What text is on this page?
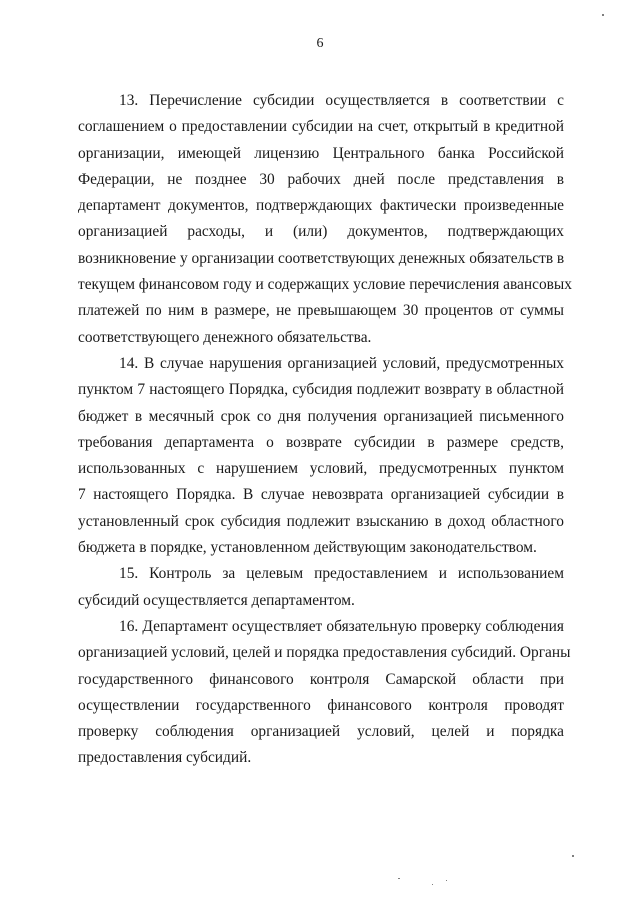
6

13. Перечисление субсидии осуществляется в соответствии с
соглашением о предоставлении субсидии на счет, открытый в кредитной
организации, имеющей лицензию Центрального банка Российской
Федерации, не позднее 30 рабочих дней после представления в
департамент документов, подтверждающих фактически произведенные
организацией расходы, и (или) документов, подтверждающих
возникновение у организации соответствующих денежных обязательств в
текущем финансовом году и содержащих условие перечисления авансовых
платежей по ним в размере, не превышающем 30 процентов от суммы
соответствующего денежного обязательства.

14. В случае нарушения организацией условий, предусмотренных
пунктом 7 настоящего Порядка, субсидия подлежит возврату в областной
бюджет в месячный срок со дня получения организацией письменного
требования департамента о возврате субсидии в размере средств,
использованных с нарушением условий, предусмотренных пунктом
7 настоящего Порядка. В случае невозврата организацией субсидии в
установленный срок субсидия подлежит взысканию в доход областного
бюджета в порядке, установленном действующим законодательством.

15. Контроль за целевым предоставлением и использованием
субсидий осуществляется департаментом.

16. Департамент осуществляет обязательную проверку соблюдения
организацией условий, целей и порядка предоставления субсидий. Органы
государственного финансового контроля Самарской области при
осуществлении государственного финансового контроля проводят
проверку соблюдения организацией условий, целей и порядка
предоставления субсидий.
